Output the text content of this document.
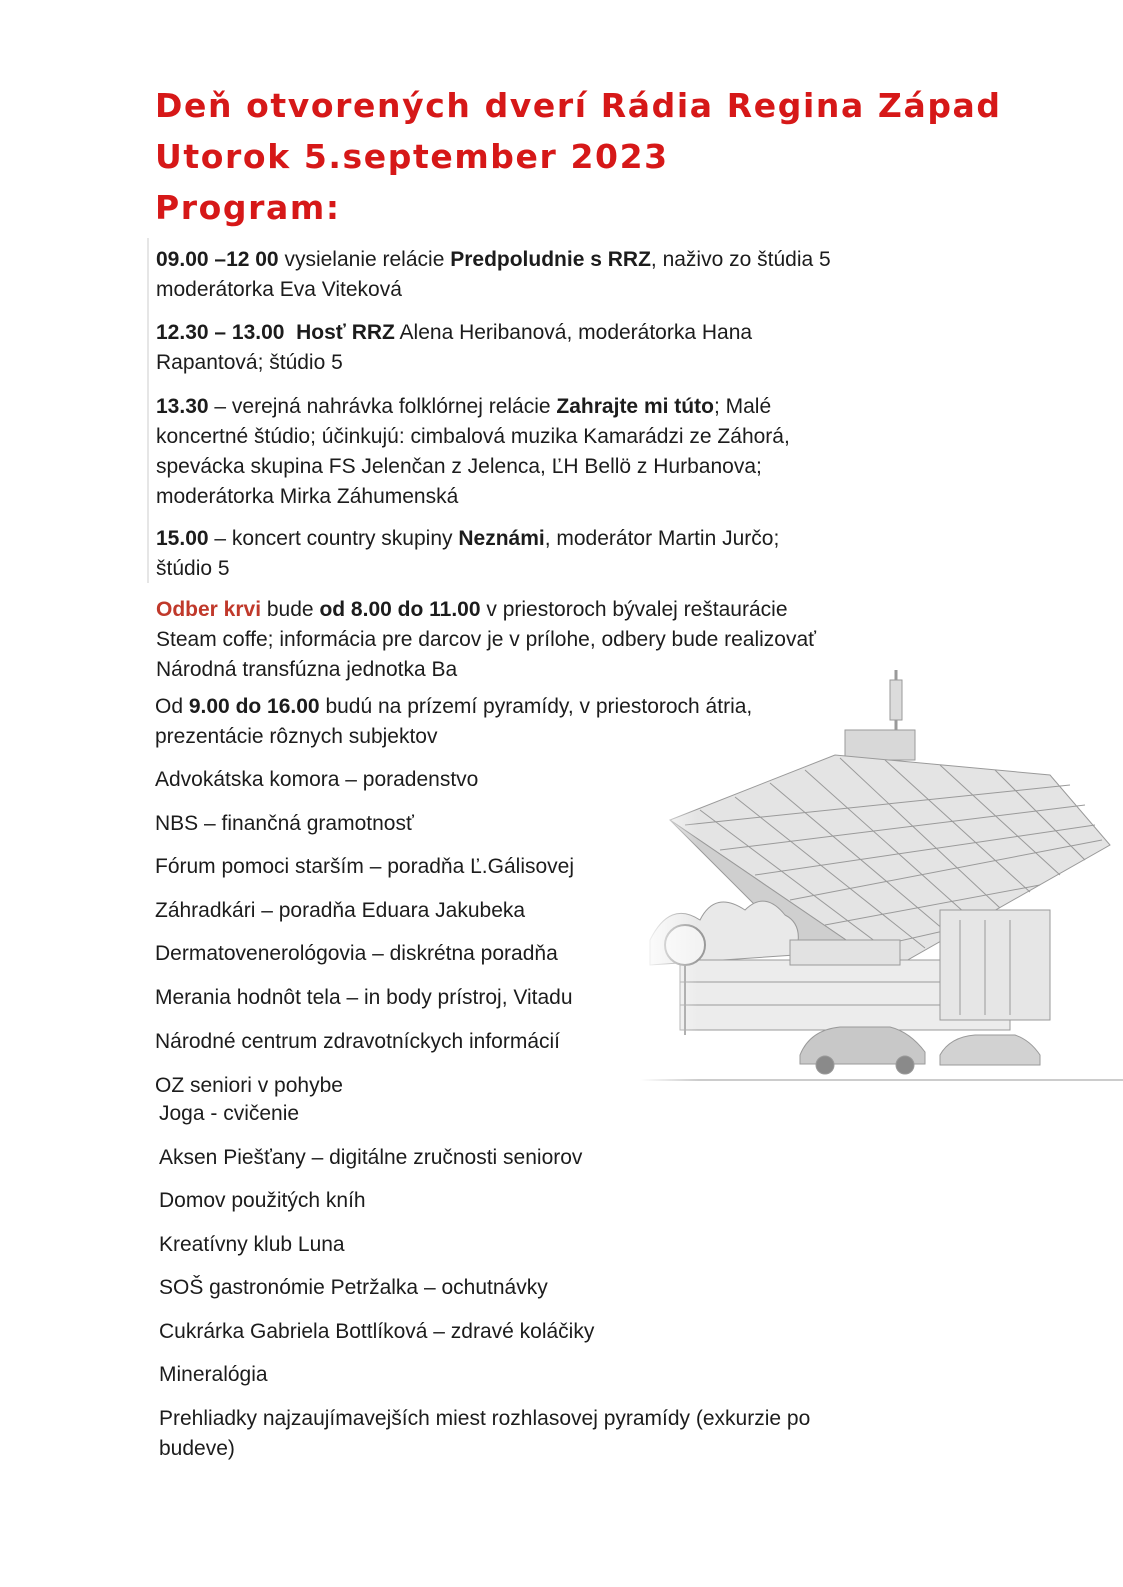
Deň otvorených dverí Rádia Regina Západ
Utorok 5.september 2023
Program:

09.00 –12 00 vysielanie relácie Predpoludnie s RRZ, naživo zo štúdia 5
moderátorka Eva Viteková

12.30 – 13.00 Hosť RRZ Alena Heribanová, moderátorka Hana
Rapantová; štúdio 5

13.30 – verejná nahrávka folklórnej relácie Zahrajte mi túto; Malé
koncertné štúdio; účinkujú: cimbalová muzika Kamarádzi ze Záhorá,
spevácka skupina FS Jelenčan z Jelenca, ĽH Bellö z Hurbanova;
moderátorka Mirka Záhumenská

15.00 – koncert country skupiny Neznámi, moderátor Martin Jurčo;
štúdio 5

Odber krvi bude od 8.00 do 11.00 v priestoroch bývalej reštaurácie
Steam coffe; informácia pre darcov je v prílohe, odbery bude realizovať
Národná transfúzna jednotka Ba

Od 9.00 do 16.00 budú na prízemí pyramídy, v priestoroch átria,
prezentácie rôznych subjektov

Advokátska komora – poradenstvo
NBS – finančná gramotnosť
Fórum pomoci starším – poradňa Ľ.Gálisovej
Záhradkári – poradňa Eduara Jakubeka
Dermatovenerológovia – diskrétna poradňa
Merania hodnôt tela – in body prístroj, Vitadu
Národné centrum zdravotníckych informácií
OZ seniori v pohybe
Joga - cvičenie
Aksen Piešťany – digitálne zručnosti seniorov
Domov použitých kníh
Kreatívny klub Luna
SOŠ gastronómie Petržalka – ochutnávky
Cukrárka Gabriela Bottlíková – zdravé koláčiky
Mineralógia
Prehliadky najzaujímavejších miest rozhlasovej pyramídy (exkurzie po
budeve)
